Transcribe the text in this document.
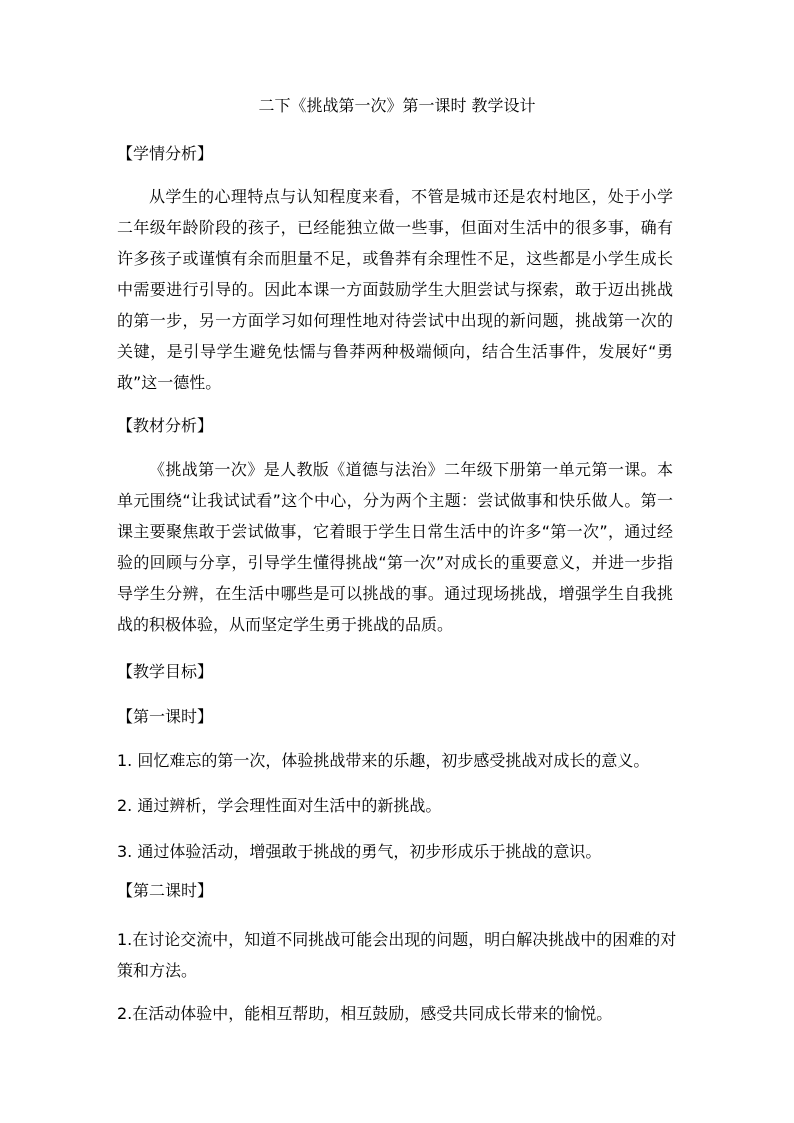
二下《挑战第一次》第一课时 教学设计
【学情分析】
从学生的心理特点与认知程度来看，不管是城市还是农村地区，处于小学二年级年龄阶段的孩子，已经能独立做一些事，但面对生活中的很多事，确有许多孩子或谨慎有余而胆量不足，或鲁莽有余理性不足，这些都是小学生成长中需要进行引导的。因此本课一方面鼓励学生大胆尝试与探索，敢于迈出挑战的第一步，另一方面学习如何理性地对待尝试中出现的新问题，挑战第一次的关键，是引导学生避免怯懦与鲁莽两种极端倾向，结合生活事件，发展好“勇敢”这一德性。
【教材分析】
《挑战第一次》是人教版《道德与法治》二年级下册第一单元第一课。本单元围绕“让我试试看”这个中心，分为两个主题：尝试做事和快乐做人。第一课主要聚焦敢于尝试做事，它着眼于学生日常生活中的许多“第一次”，通过经验的回顾与分享，引导学生懂得挑战“第一次”对成长的重要意义，并进一步指导学生分辨，在生活中哪些是可以挑战的事。通过现场挑战，增强学生自我挑战的积极体验，从而坚定学生勇于挑战的品质。
【教学目标】
【第一课时】
1. 回忆难忘的第一次，体验挑战带来的乐趣，初步感受挑战对成长的意义。
2. 通过辨析，学会理性面对生活中的新挑战。
3. 通过体验活动，增强敢于挑战的勇气，初步形成乐于挑战的意识。
【第二课时】
1.在讨论交流中，知道不同挑战可能会出现的问题，明白解决挑战中的困难的对策和方法。
2.在活动体验中，能相互帮助，相互鼓励，感受共同成长带来的愉悦。
